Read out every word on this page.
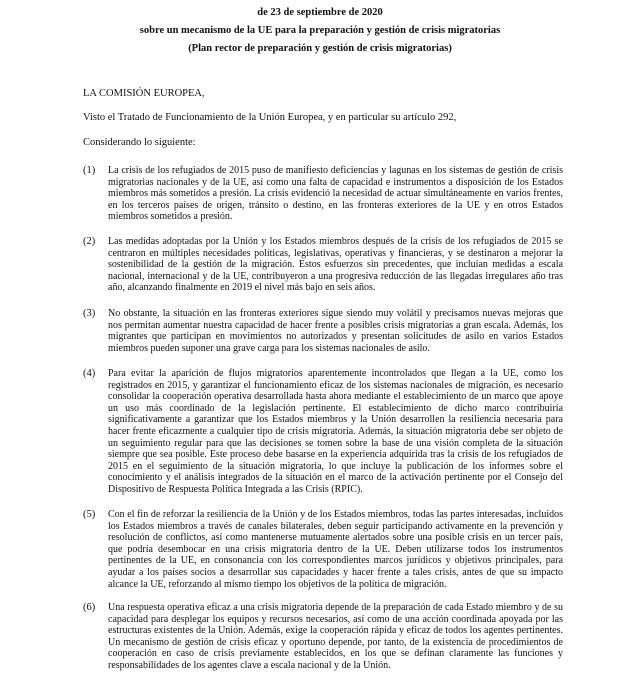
de 23 de septiembre de 2020
sobre un mecanismo de la UE para la preparación y gestión de crisis migratorias
(Plan rector de preparación y gestión de crisis migratorias)
LA COMISIÓN EUROPEA,
Visto el Tratado de Funcionamiento de la Unión Europea, y en particular su artículo 292,
Considerando lo siguiente:
(1) La crisis de los refugiados de 2015 puso de manifiesto deficiencias y lagunas en los sistemas de gestión de crisis migratorias nacionales y de la UE, así como una falta de capacidad e instrumentos a disposición de los Estados miembros más sometidos a presión. La crisis evidenció la necesidad de actuar simultáneamente en varios frentes, en los terceros países de origen, tránsito o destino, en las fronteras exteriores de la UE y en otros Estados miembros sometidos a presión.
(2) Las medidas adoptadas por la Unión y los Estados miembros después de la crisis de los refugiados de 2015 se centraron en múltiples necesidades políticas, legislativas, operativas y financieras, y se destinaron a mejorar la sostenibilidad de la gestión de la migración. Estos esfuerzos sin precedentes, que incluían medidas a escala nacional, internacional y de la UE, contribuyeron a una progresiva reducción de las llegadas irregulares año tras año, alcanzando finalmente en 2019 el nivel más bajo en seis años.
(3) No obstante, la situación en las fronteras exteriores sigue siendo muy volátil y precisamos nuevas mejoras que nos permitan aumentar nuestra capacidad de hacer frente a posibles crisis migratorias a gran escala. Además, los migrantes que participan en movimientos no autorizados y presentan solicitudes de asilo en varios Estados miembros pueden suponer una grave carga para los sistemas nacionales de asilo.
(4) Para evitar la aparición de flujos migratorios aparentemente incontrolados que llegan a la UE, como los registrados en 2015, y garantizar el funcionamiento eficaz de los sistemas nacionales de migración, es necesario consolidar la cooperación operativa desarrollada hasta ahora mediante el establecimiento de un marco que apoye un uso más coordinado de la legislación pertinente. El establecimiento de dicho marco contribuiría significativamente a garantizar que los Estados miembros y la Unión desarrollen la resiliencia necesaria para hacer frente eficazmente a cualquier tipo de crisis migratoria. Además, la situación migratoria debe ser objeto de un seguimiento regular para que las decisiones se tomen sobre la base de una visión completa de la situación siempre que sea posible. Este proceso debe basarse en la experiencia adquirida tras la crisis de los refugiados de 2015 en el seguimiento de la situación migratoria, lo que incluye la publicación de los informes sobre el conocimiento y el análisis integrados de la situación en el marco de la activación pertinente por el Consejo del Dispositivo de Respuesta Política Integrada a las Crisis (RPIC).
(5) Con el fin de reforzar la resiliencia de la Unión y de los Estados miembros, todas las partes interesadas, incluidos los Estados miembros a través de canales bilaterales, deben seguir participando activamente en la prevención y resolución de conflictos, así como mantenerse mutuamente alertados sobre una posible crisis en un tercer país, que podría desembocar en una crisis migratoria dentro de la UE. Deben utilizarse todos los instrumentos pertinentes de la UE, en consonancia con los correspondientes marcos jurídicos y objetivos principales, para ayudar a los países socios a desarrollar sus capacidades y hacer frente a tales crisis, antes de que su impacto alcance la UE, reforzando al mismo tiempo los objetivos de la política de migración.
(6) Una respuesta operativa eficaz a una crisis migratoria depende de la preparación de cada Estado miembro y de su capacidad para desplegar los equipos y recursos necesarios, así como de una acción coordinada apoyada por las estructuras existentes de la Unión. Además, exige la cooperación rápida y eficaz de todos los agentes pertinentes. Un mecanismo de gestión de crisis eficaz y oportuno depende, por tanto, de la existencia de procedimientos de cooperación en caso de crisis previamente establecidos, en los que se definan claramente las funciones y responsabilidades de los agentes clave a escala nacional y de la Unión.
